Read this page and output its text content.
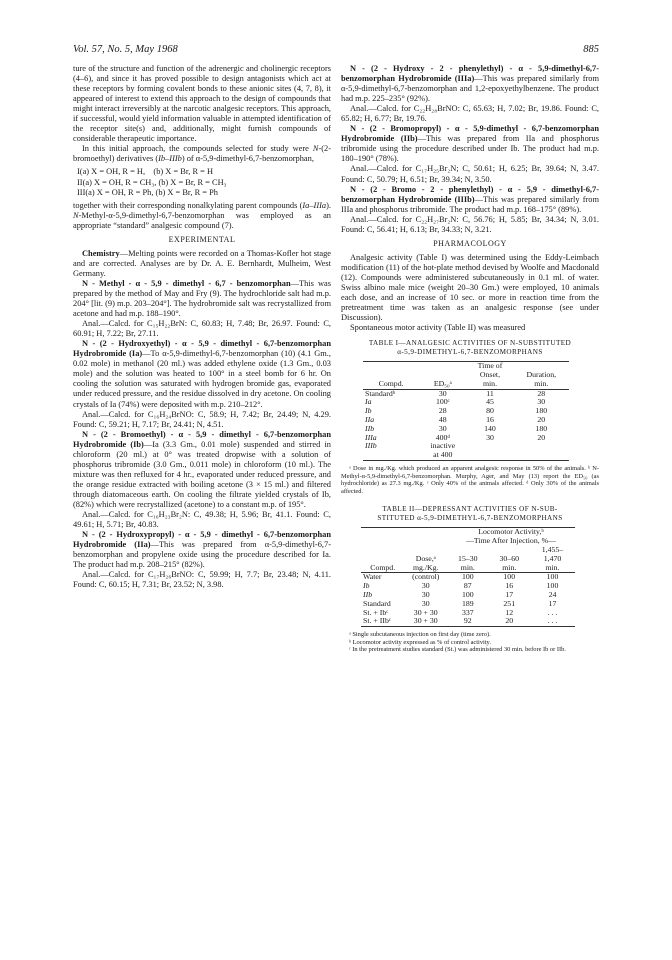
Vol. 57, No. 5, May 1968	885

ture of the structure and function of the adrenergic and cholinergic receptors (4–6), and since it has proved possible to design antagonists which act at these receptors by forming covalent bonds to these anionic sites (4, 7, 8), it appeared of interest to extend this approach to the design of compounds that might interact irreversibly at the narcotic analgesic receptors. This approach, if successful, would yield information valuable in attempted identification of the receptor site(s) and, additionally, might furnish compounds of considerable therapeutic importance.

In this initial approach, the compounds selected for study were N-(2-bromoethyl) derivatives (Ib–IIIb) of α-5,9-dimethyl-6,7-benzomorphan,

I(a) X = OH, R = H,    (b) X = Br, R = H
II(a) X = OH, R = CH₃, (b) X = Br, R = CH₃
III(a) X = OH, R = Ph, (b) X = Br, R = Ph

together with their corresponding nonalkylating parent compounds (Ia–IIIa). N-Methyl-α-5,9-dimethyl-6,7-benzomorphan was employed as an appropriate “standard” analgesic compound (7).

EXPERIMENTAL

Chemistry—Melting points were recorded on a Thomas-Kofler hot stage and are corrected. Analyses are by Dr. A. E. Bernhardt, Mulheim, West Germany.

N - Methyl - α - 5,9 - dimethyl - 6,7 - benzomorphan—This was prepared by the method of May and Fry (9). The hydrochloride salt had m.p. 204° [lit. (9) m.p. 203–204°]. The hydrobromide salt was recrystallized from acetone and had m.p. 188–190°.

Anal.—Calcd. for C₁₅H₂₂BrN: C, 60.83; H, 7.48; Br, 26.97. Found: C, 60.91; H, 7.22; Br, 27.11.

N - (2 - Hydroxyethyl) - α - 5,9 - dimethyl - 6,7-benzomorphan Hydrobromide (Ia)—To α-5,9-dimethyl-6,7-benzomorphan (10) (4.1 Gm., 0.02 mole) in methanol (20 ml.) was added ethylene oxide (1.3 Gm., 0.03 mole) and the solution was heated to 100° in a steel bomb for 6 hr. On cooling the solution was saturated with hydrogen bromide gas, evaporated under reduced pressure, and the residue dissolved in dry acetone. On cooling crystals of Ia (74%) were deposited with m.p. 210–212°.

Anal.—Calcd. for C₁₆H₂₄BrNO: C, 58.9; H, 7.42; Br, 24.49; N, 4.29. Found: C, 59.21; H, 7.17; Br, 24.41; N, 4.51.

N - (2 - Bromoethyl) - α - 5,9 - dimethyl - 6,7-benzomorphan Hydrobromide (Ib)—Ia (3.3 Gm., 0.01 mole) suspended and stirred in chloroform (20 ml.) at 0° was treated dropwise with a solution of phosphorus tribromide (3.0 Gm., 0.011 mole) in chloroform (10 ml.). The mixture was then refluxed for 4 hr., evaporated under reduced pressure, and the orange residue extracted with boiling acetone (3 × 15 ml.) and filtered through diatomaceous earth. On cooling the filtrate yielded crystals of Ib, (82%) which were recrystallized (acetone) to a constant m.p. of 195°.

Anal.—Calcd. for C₁₆H₂₃Br₂N: C, 49.38; H, 5.96; Br, 41.1. Found: C, 49.61; H, 5.71; Br, 40.83.

N - (2 - Hydroxypropyl) - α - 5,9 - dimethyl - 6,7-benzomorphan Hydrobromide (IIa)—This was prepared from α-5,9-dimethyl-6,7-benzomorphan and propylene oxide using the procedure described for Ia. The product had m.p. 208–215° (82%).

Anal.—Calcd. for C₁₇H₂₆BrNO: C, 59.99; H, 7.7; Br, 23.48; N, 4.11. Found: C, 60.15; H, 7.31; Br, 23.52; N, 3.98.

N - (2 - Hydroxy - 2 - phenylethyl) - α - 5,9-dimethyl-6,7-benzomorphan Hydrobromide (IIIa)—This was prepared similarly from α-5,9-dimethyl-6,7-benzomorphan and 1,2-epoxyethylbenzene. The product had m.p. 225–235° (92%).

Anal.—Calcd. for C₂₂H₂₈BrNO: C, 65.63; H, 7.02; Br, 19.86. Found: C, 65.82; H, 6.77; Br, 19.76.

N - (2 - Bromopropyl) - α - 5,9-dimethyl - 6,7-benzomorphan Hydrobromide (IIb)—This was prepared from IIa and phosphorus tribromide using the procedure described under Ib. The product had m.p. 180–190° (78%).

Anal.—Calcd. for C₁₇H₂₅Br₂N; C, 50.61; H, 6.25; Br, 39.64; N, 3.47. Found: C, 50.79; H, 6.51; Br, 39.34; N, 3.50.

N - (2 - Bromo - 2 - phenylethyl) - α - 5,9 - dimethyl-6,7-benzomorphan Hydrobromide (IIIb)—This was prepared similarly from IIIa and phosphorus tribromide. The product had m.p. 168–175° (89%).

Anal.—Calcd. for C₂₂H₂₇Br₂N: C, 56.76; H, 5.85; Br, 34.34; N, 3.01. Found: C, 56.41; H, 6.13; Br, 34.33; N, 3.21.

PHARMACOLOGY

Analgesic activity (Table I) was determined using the Eddy-Leimbach modification (11) of the hot-plate method devised by Woolfe and Macdonald (12). Compounds were administered subcutaneously in 0.1 ml. of water. Swiss albino male mice (weight 20–30 Gm.) were employed, 10 animals each dose, and an increase of 10 sec. or more in reaction time from the pretreatment time was taken as an analgesic response (see under Discussion).

Spontaneous motor activity (Table II) was measured

TABLE I—ANALGESIC ACTIVITIES OF N-SUBSTITUTED
α-5,9-DIMETHYL-6,7-BENZOMORPHANS
		Time of	
		Onset,	Duration,
Compd.	ED₅₀ᵃ	min.	min.
Standardᵇ	30	11	28
Ia	100ᶜ	45	30
Ib	28	80	180
IIa	48	16	20
IIb	30	140	180
IIIa	400ᵈ	30	20
IIIb	inactive		
	at 400		

ᵃ Dose in mg./Kg. which produced an apparent analgesic response in 50% of the animals. ᵇ N-Methyl-α-5,9-dimethyl-6,7-benzomorphan. Murphy, Ager, and May (13) report the ED₅₀ (as hydrochloride) as 27.3 mg./Kg. ᶜ Only 40% of the animals affected. ᵈ Only 30% of the animals affected.

TABLE II—DEPRESSANT ACTIVITIES OF N-SUB-
STITUTED α-5,9-DIMETHYL-6,7-BENZOMORPHANS
		Locomotor Activity,ᵇ		
		—Time After Injection, %—		
				1,455–
	Dose,ᵃ	15–30	30–60	1,470
Compd.	mg./Kg.	min.	min.	min.
Water	(control)	100	100	100
Ib	30	87	16	100
IIb	30	100	17	24
Standard	30	189	251	17
St. + Ibᶜ	30 + 30	337	12	. . .
St. + IIbᶜ	30 + 30	92	20	. . .

ᵃ Single subcutaneous injection on first day (time zero).

ᵇ Locomotor activity expressed as % of control activity.

ᶜ In the pretreatment studies standard (St.) was administered 30 min. before Ib or IIb.
